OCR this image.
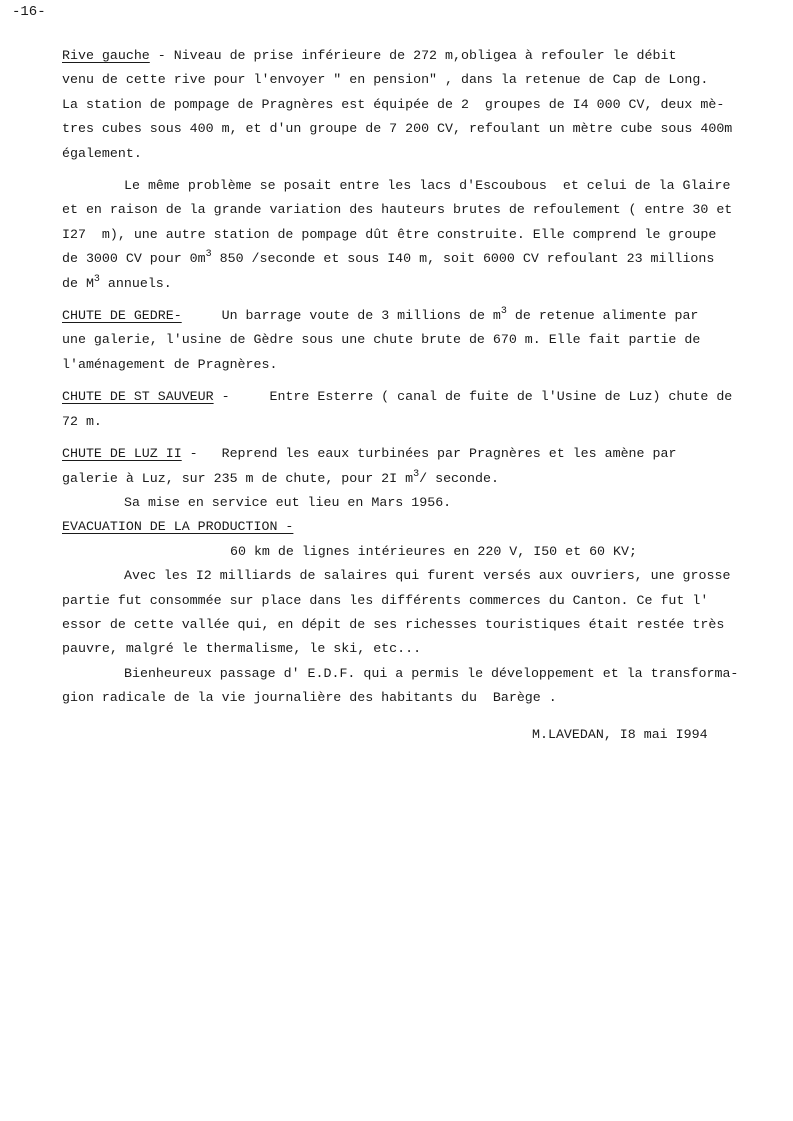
-16-
Rive gauche - Niveau de prise inférieure de 272 m,obligea à refouler le débit
venu de cette rive pour l'envoyer " en pension" , dans la retenue de Cap de Long.
La station de pompage de Pragnères est équipée de 2  groupes de I4 000 CV, deux mè-
tres cubes sous 400 m, et d'un groupe de 7 200 CV, refoulant un mètre cube sous 400m
également.
Le même problème se posait entre les lacs d'Escoubous  et celui de la Glaire
et en raison de la grande variation des hauteurs brutes de refoulement ( entre 30 et
I27  m), une autre station de pompage dût être construite. Elle comprend le groupe
de 3000 CV pour $0m^3$ 850 /seconde et sous I40 m, soit 6000 CV refoulant 23 millions
de $M^3$ annuels.
CHUTE DE GEDRE-     Un barrage voute de 3 millions de $m^3$ de retenue alimente par
une galerie, l'usine de Gèdre sous une chute brute de 670 m. Elle fait partie de
l'aménagement de Pragnères.
CHUTE DE ST SAUVEUR -     Entre Esterre ( canal de fuite de l'Usine de Luz) chute de
72 m.
CHUTE DE LUZ II -   Reprend les eaux turbinées par Pragnères et les amène par
galerie à Luz, sur 235 m de chute, pour 2I $m^3/$ seconde.
Sa mise en service eut lieu en Mars 1956.
EVACUATION DE LA PRODUCTION -
60 km de lignes intérieures en 220 V, I50 et 60 KV;
Avec les I2 milliards de salaires qui furent versés aux ouvriers, une grosse
partie fut consommée sur place dans les différents commerces du Canton. Ce fut l'
essor de cette vallée qui, en dépit de ses richesses touristiques était restée très
pauvre, malgré le thermalisme, le ski, etc...
Bienheureux passage d' E.D.F. qui a permis le développement et la transforma-
gion radicale de la vie journalière des habitants du  Barège .
M.LAVEDAN, I8 mai I994
